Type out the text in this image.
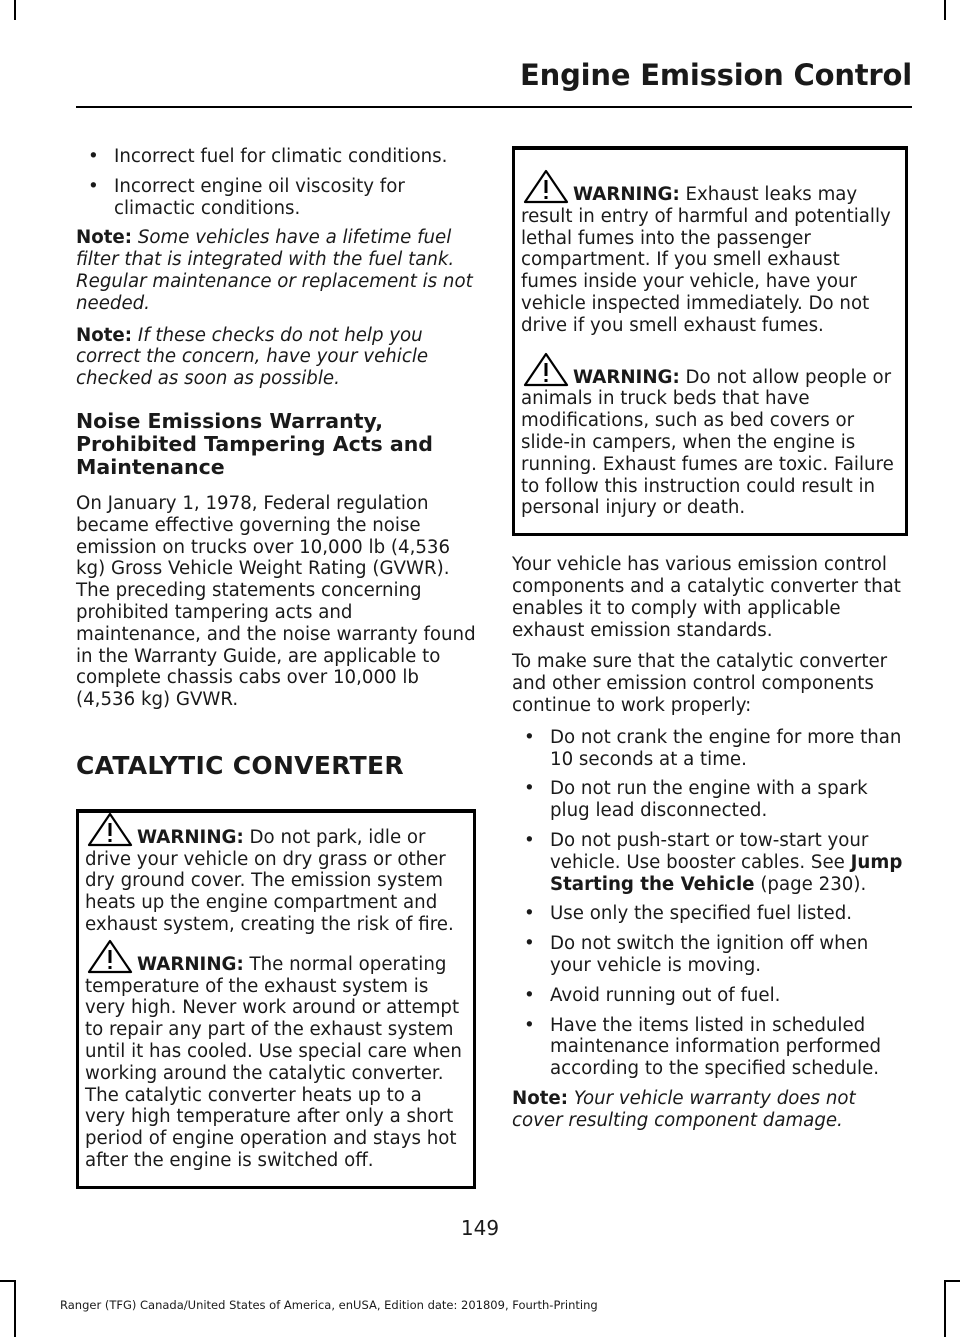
Engine Emission Control
• Incorrect fuel for climatic conditions.
• Incorrect engine oil viscosity for climactic conditions.

Note: Some vehicles have a lifetime fuel filter that is integrated with the fuel tank. Regular maintenance or replacement is not needed.

Note: If these checks do not help you correct the concern, have your vehicle checked as soon as possible.

Noise Emissions Warranty, Prohibited Tampering Acts and Maintenance

On January 1, 1978, Federal regulation became effective governing the noise emission on trucks over 10,000 lb (4,536 kg) Gross Vehicle Weight Rating (GVWR). The preceding statements concerning prohibited tampering acts and maintenance, and the noise warranty found in the Warranty Guide, are applicable to complete chassis cabs over 10,000 lb (4,536 kg) GVWR.

CATALYTIC CONVERTER
WARNING: Do not park, idle or drive your vehicle on dry grass or other dry ground cover. The emission system heats up the engine compartment and exhaust system, creating the risk of fire.
WARNING: The normal operating temperature of the exhaust system is very high. Never work around or attempt to repair any part of the exhaust system until it has cooled. Use special care when working around the catalytic converter. The catalytic converter heats up to a very high temperature after only a short period of engine operation and stays hot after the engine is switched off.
WARNING: Exhaust leaks may result in entry of harmful and potentially lethal fumes into the passenger compartment. If you smell exhaust fumes inside your vehicle, have your vehicle inspected immediately. Do not drive if you smell exhaust fumes.
WARNING: Do not allow people or animals in truck beds that have modifications, such as bed covers or slide-in campers, when the engine is running. Exhaust fumes are toxic. Failure to follow this instruction could result in personal injury or death.

Your vehicle has various emission control components and a catalytic converter that enables it to comply with applicable exhaust emission standards.

To make sure that the catalytic converter and other emission control components continue to work properly:

• Do not crank the engine for more than 10 seconds at a time.
• Do not run the engine with a spark plug lead disconnected.
• Do not push-start or tow-start your vehicle. Use booster cables. See Jump Starting the Vehicle (page 230).
• Use only the specified fuel listed.
• Do not switch the ignition off when your vehicle is moving.
• Avoid running out of fuel.
• Have the items listed in scheduled maintenance information performed according to the specified schedule.

Note: Your vehicle warranty does not cover resulting component damage.

149

Ranger (TFG) Canada/United States of America, enUSA, Edition date: 201809, Fourth-Printing
